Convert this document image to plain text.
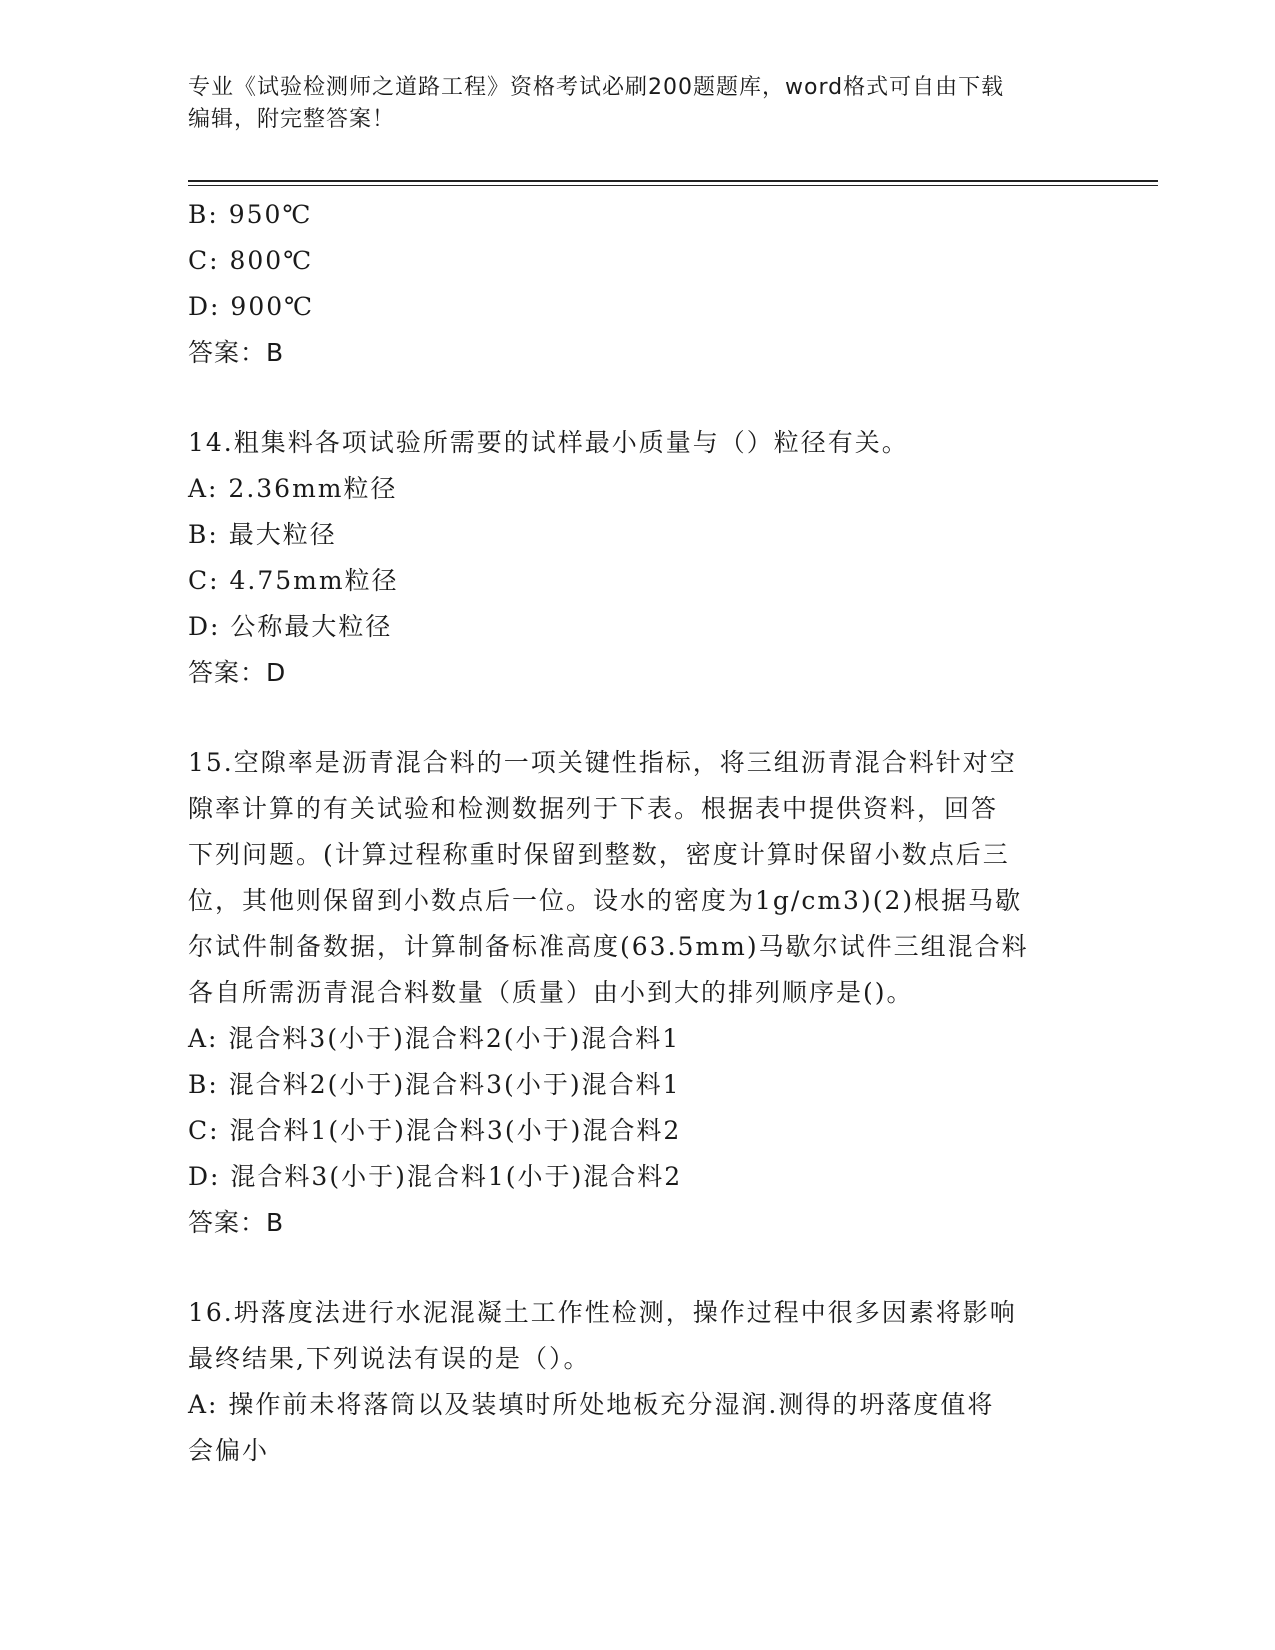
专业《试验检测师之道路工程》资格考试必刷200题题库，word格式可自由下载
编辑，附完整答案！
B: 950℃
C: 800℃
D: 900℃
答案：B
14.粗集料各项试验所需要的试样最小质量与（）粒径有关。
A: 2.36mm粒径
B: 最大粒径
C: 4.75mm粒径
D: 公称最大粒径
答案：D
15.空隙率是沥青混合料的一项关键性指标，将三组沥青混合料针对空
隙率计算的有关试验和检测数据列于下表。根据表中提供资料，回答
下列问题。(计算过程称重时保留到整数，密度计算时保留小数点后三
位，其他则保留到小数点后一位。设水的密度为1g/cm3)(2)根据马歇
尔试件制备数据，计算制备标准高度(63.5mm)马歇尔试件三组混合料
各自所需沥青混合料数量（质量）由小到大的排列顺序是()。
A: 混合料3(小于)混合料2(小于)混合料1
B: 混合料2(小于)混合料3(小于)混合料1
C: 混合料1(小于)混合料3(小于)混合料2
D: 混合料3(小于)混合料1(小于)混合料2
答案：B
16.坍落度法进行水泥混凝土工作性检测，操作过程中很多因素将影响
最终结果,下列说法有误的是（）。
A: 操作前未将落筒以及装填时所处地板充分湿润.测得的坍落度值将
会偏小
